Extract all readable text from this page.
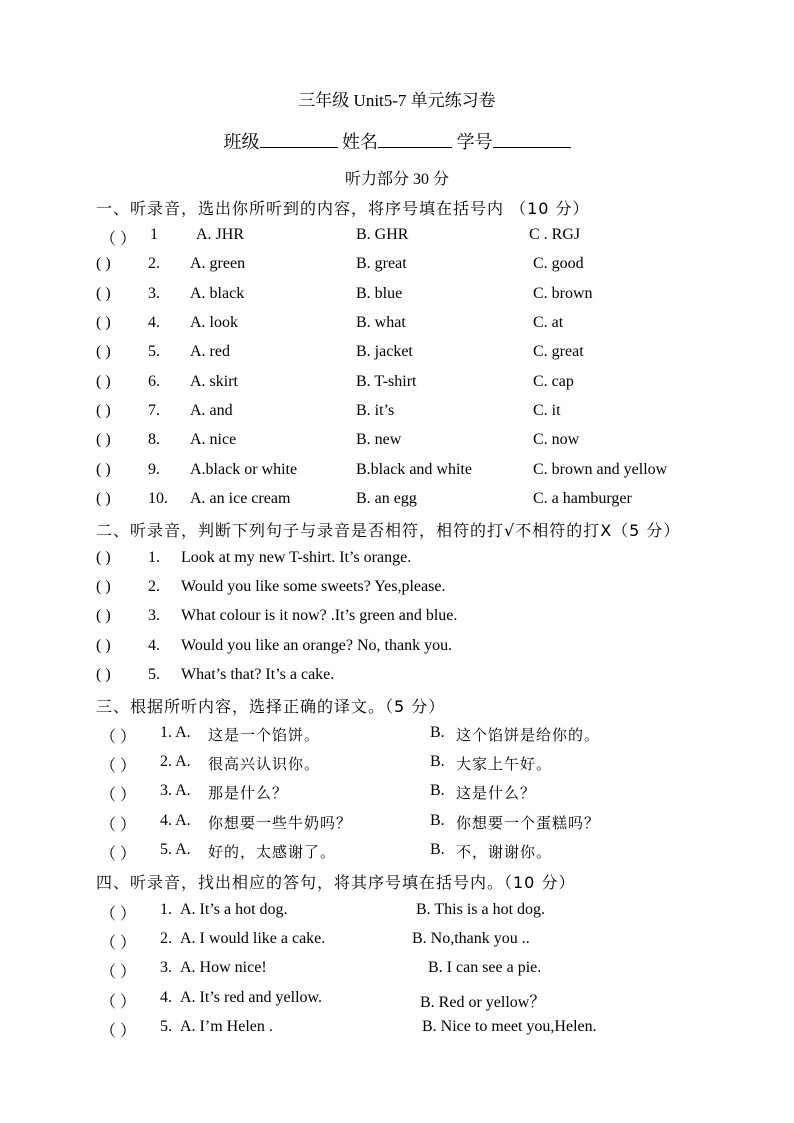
三年级 Unit5-7 单元练习卷
班级	姓名	学号
听力部分 30 分
一、听录音，选出你所听到的内容，将序号填在括号内 （10 分）
（ ） 1 A. JHR	B. GHR	C . RGJ
( ) 2. A. green	B. great	C. good
( ) 3. A. black	B. blue	C. brown
( ) 4. A. look	B. what	C. at
( ) 5. A. red	B. jacket	C. great
( ) 6. A. skirt	B. T-shirt	C. cap
( ) 7. A. and	B. it’s	C. it
( ) 8. A. nice	B. new	C. now
( ) 9. A.black or white	B.black and white	C. brown and yellow
( ) 10. A. an ice cream	B. an egg	C. a hamburger
二、听录音，判断下列句子与录音是否相符，相符的打√不相符的打Ⅹ（5 分）
( ) 1. Look at my new T-shirt. It’s orange.
( ) 2. Would you like some sweets? Yes,please.
( ) 3. What colour is it now? .It’s green and blue.
( ) 4. Would you like an orange? No, thank you.
( ) 5. What’s that? It’s a cake.
三、根据所听内容，选择正确的译文。（5 分）
（ ） 1. A. 这是一个馅饼。	B. 这个馅饼是给你的。
（ ） 2. A. 很高兴认识你。	B. 大家上午好。
（ ） 3. A. 那是什么？	B. 这是什么？
（ ） 4. A. 你想要一些牛奶吗？	B. 你想要一个蛋糕吗？
（ ） 5. A. 好的，太感谢了。	B. 不，谢谢你。
四、听录音，找出相应的答句，将其序号填在括号内。（10 分）
（ ） 1. A. It’s a hot dog.	B. This is a hot dog.
（ ） 2. A. I would like a cake.	B. No,thank you ..
（ ） 3. A. How nice!	B. I can see a pie.
（ ） 4. A. It’s red and yellow.	B. Red or yellow？
（ ） 5. A. I’m Helen .	B. Nice to meet you,Helen.
